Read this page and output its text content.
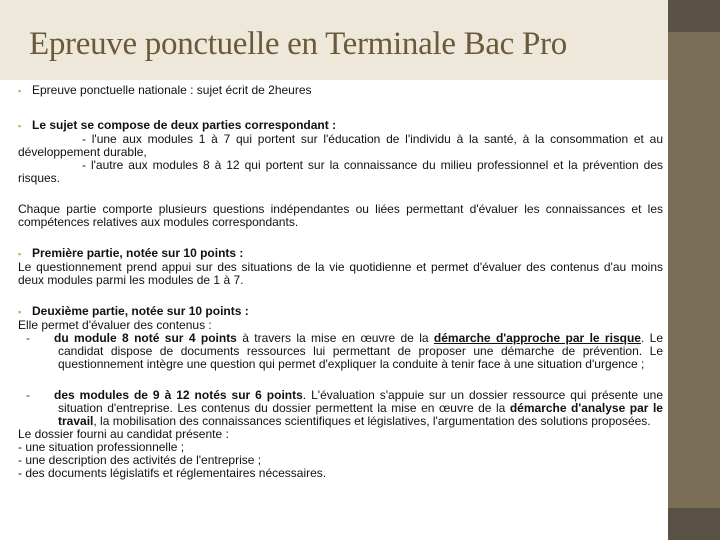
Epreuve ponctuelle en Terminale Bac Pro

▪ Epreuve ponctuelle nationale : sujet écrit de 2heures

▪ Le sujet se compose de deux parties correspondant :

- l'une aux modules 1 à 7 qui portent sur l'éducation de l'individu à la santé, à la consommation et au développement durable,

- l'autre aux modules 8 à 12 qui portent sur la connaissance du milieu professionnel et la prévention des risques.

Chaque partie comporte plusieurs questions indépendantes ou liées permettant d'évaluer les connaissances et les compétences relatives aux modules correspondants.

▪ Première partie, notée sur 10 points :

Le questionnement prend appui sur des situations de la vie quotidienne et permet d'évaluer des contenus d'au moins deux modules parmi les modules de 1 à 7.

▪ Deuxième partie, notée sur 10 points :

Elle permet d'évaluer des contenus :

- du module 8 noté sur 4 points à travers la mise en œuvre de la démarche d'approche par le risque. Le candidat dispose de documents ressources lui permettant de proposer une démarche de prévention. Le questionnement intègre une question qui permet d'expliquer la conduite à tenir face à une situation d'urgence ;

- des modules de 9 à 12 notés sur 6 points. L'évaluation s'appuie sur un dossier ressource qui présente une situation d'entreprise. Les contenus du dossier permettent la mise en œuvre de la démarche d'analyse par le travail, la mobilisation des connaissances scientifiques et législatives, l'argumentation des solutions proposées.

Le dossier fourni au candidat présente :

- une situation professionnelle ;

- une description des activités de l'entreprise ;

- des documents législatifs et réglementaires nécessaires.
